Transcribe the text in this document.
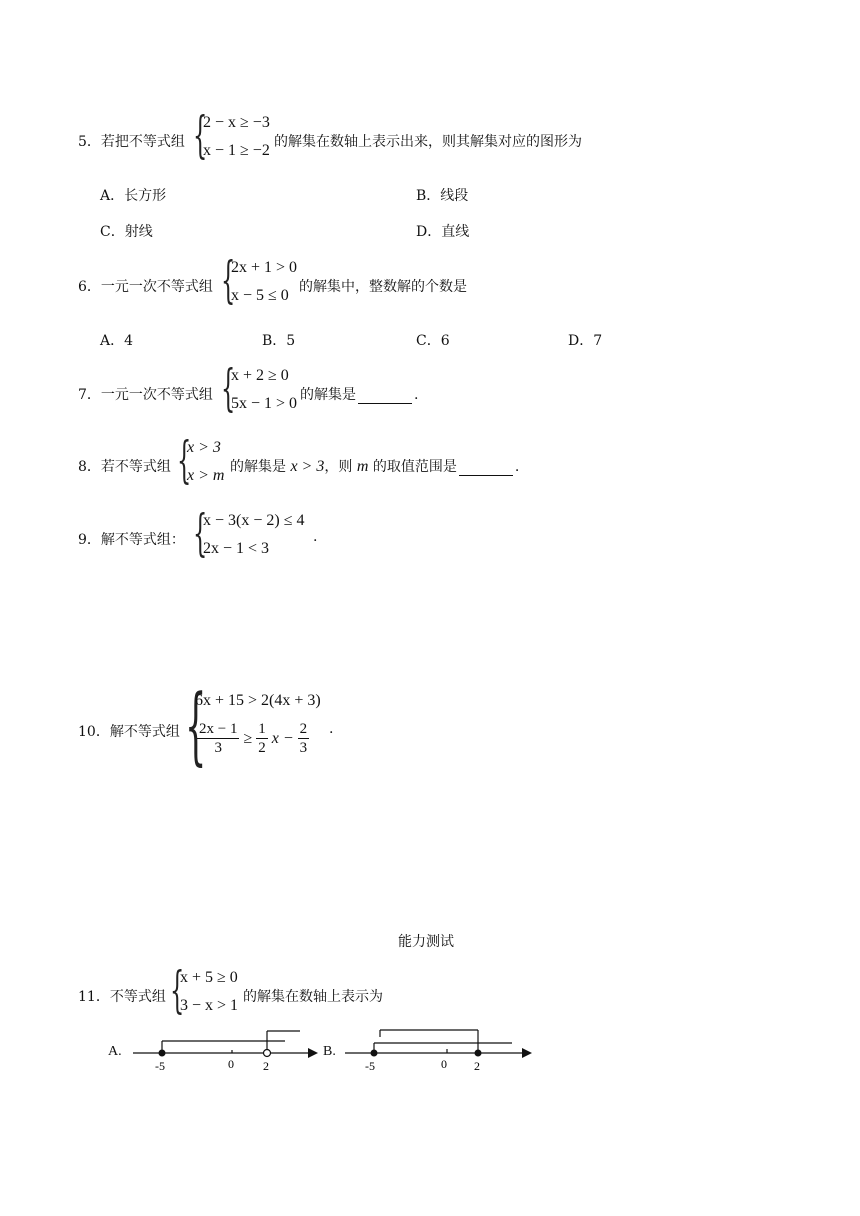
5．若把不等式组 {
2 − x ≥ −3
x − 1 ≥ −2 的解集在数轴上表示出来，则其解集对应的图形为
A．长方形	B．线段
C．射线	D．直线
6．一元一次不等式组 {
2x + 1 > 0
x − 5 ≤ 0 的解集中，整数解的个数是
A．4	B．5	C．6	D．7
7．一元一次不等式组 {
x + 2 ≥ 0
5x − 1 > 0 的解集是	.
8．若不等式组 {
x > 3
x > m 的解集是 x > 3，则 m 的取值范围是	.
9．解不等式组： {
x − 3(x − 2) ≤ 4
2x − 1 < 3
.
10．解不等式组 {
6x + 15 > 2(4x + 3)
$\frac{2x - 1}{3} \ge \frac{1}{2}$ $x - \frac{2}{3}$ .
能力测试
11．不等式组 {
x + 5 ≥ 0
3 − x > 1 的解集在数轴上表示为
A.
-5	0 2
B.
-5	0 2
